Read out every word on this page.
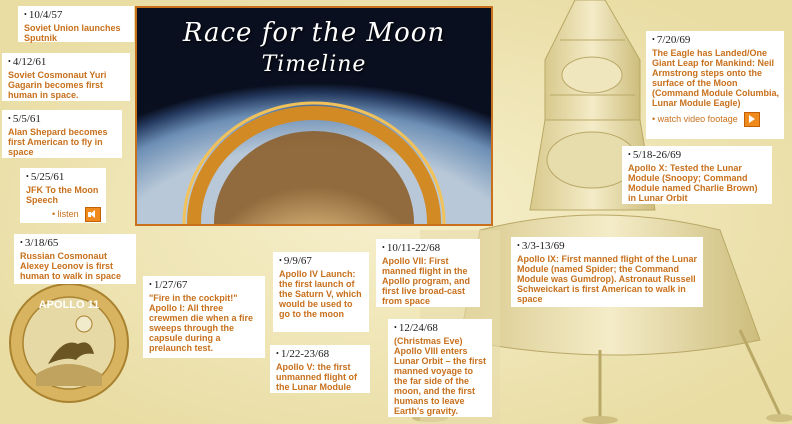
Race for the Moon
Timeline
APOLLO 11
• 10/4/57
Soviet Union launches Sputnik
• 4/12/61
Soviet Cosmonaut Yuri Gagarin becomes first human in space.
• 5/5/61
Alan Shepard becomes first American to fly in space
• 5/25/61
JFK To the Moon Speech
• listen
• 3/18/65
Russian Cosmonaut Alexey Leonov is first human to walk in space
• 1/27/67
"Fire in the cockpit!" Apollo I: All three crewmen die when a fire sweeps through the capsule during a prelaunch test.
• 9/9/67
Apollo IV Launch: the first launch of the Saturn V, which would be used to go to the moon
• 1/22-23/68
Apollo V: the first unmanned flight of the Lunar Module
• 10/11-22/68
Apollo VII: First manned flight in the Apollo program, and first live broad-cast from space
• 12/24/68
(Christmas Eve) Apollo VIII enters Lunar Orbit – the first manned voyage to the far side of the moon, and the first humans to leave Earth's gravity.
• 3/3-13/69
Apollo IX: First manned flight of the Lunar Module (named Spider; the Command Module was Gumdrop). Astronaut Russell Schweickart is first American to walk in space
• 5/18-26/69
Apollo X: Tested the Lunar Module (Snoopy; Command Module named Charlie Brown) in Lunar Orbit
• 7/20/69
The Eagle has Landed/One Giant Leap for Mankind: Neil Armstrong steps onto the surface of the Moon (Command Module Columbia, Lunar Module Eagle)
• watch video footage
